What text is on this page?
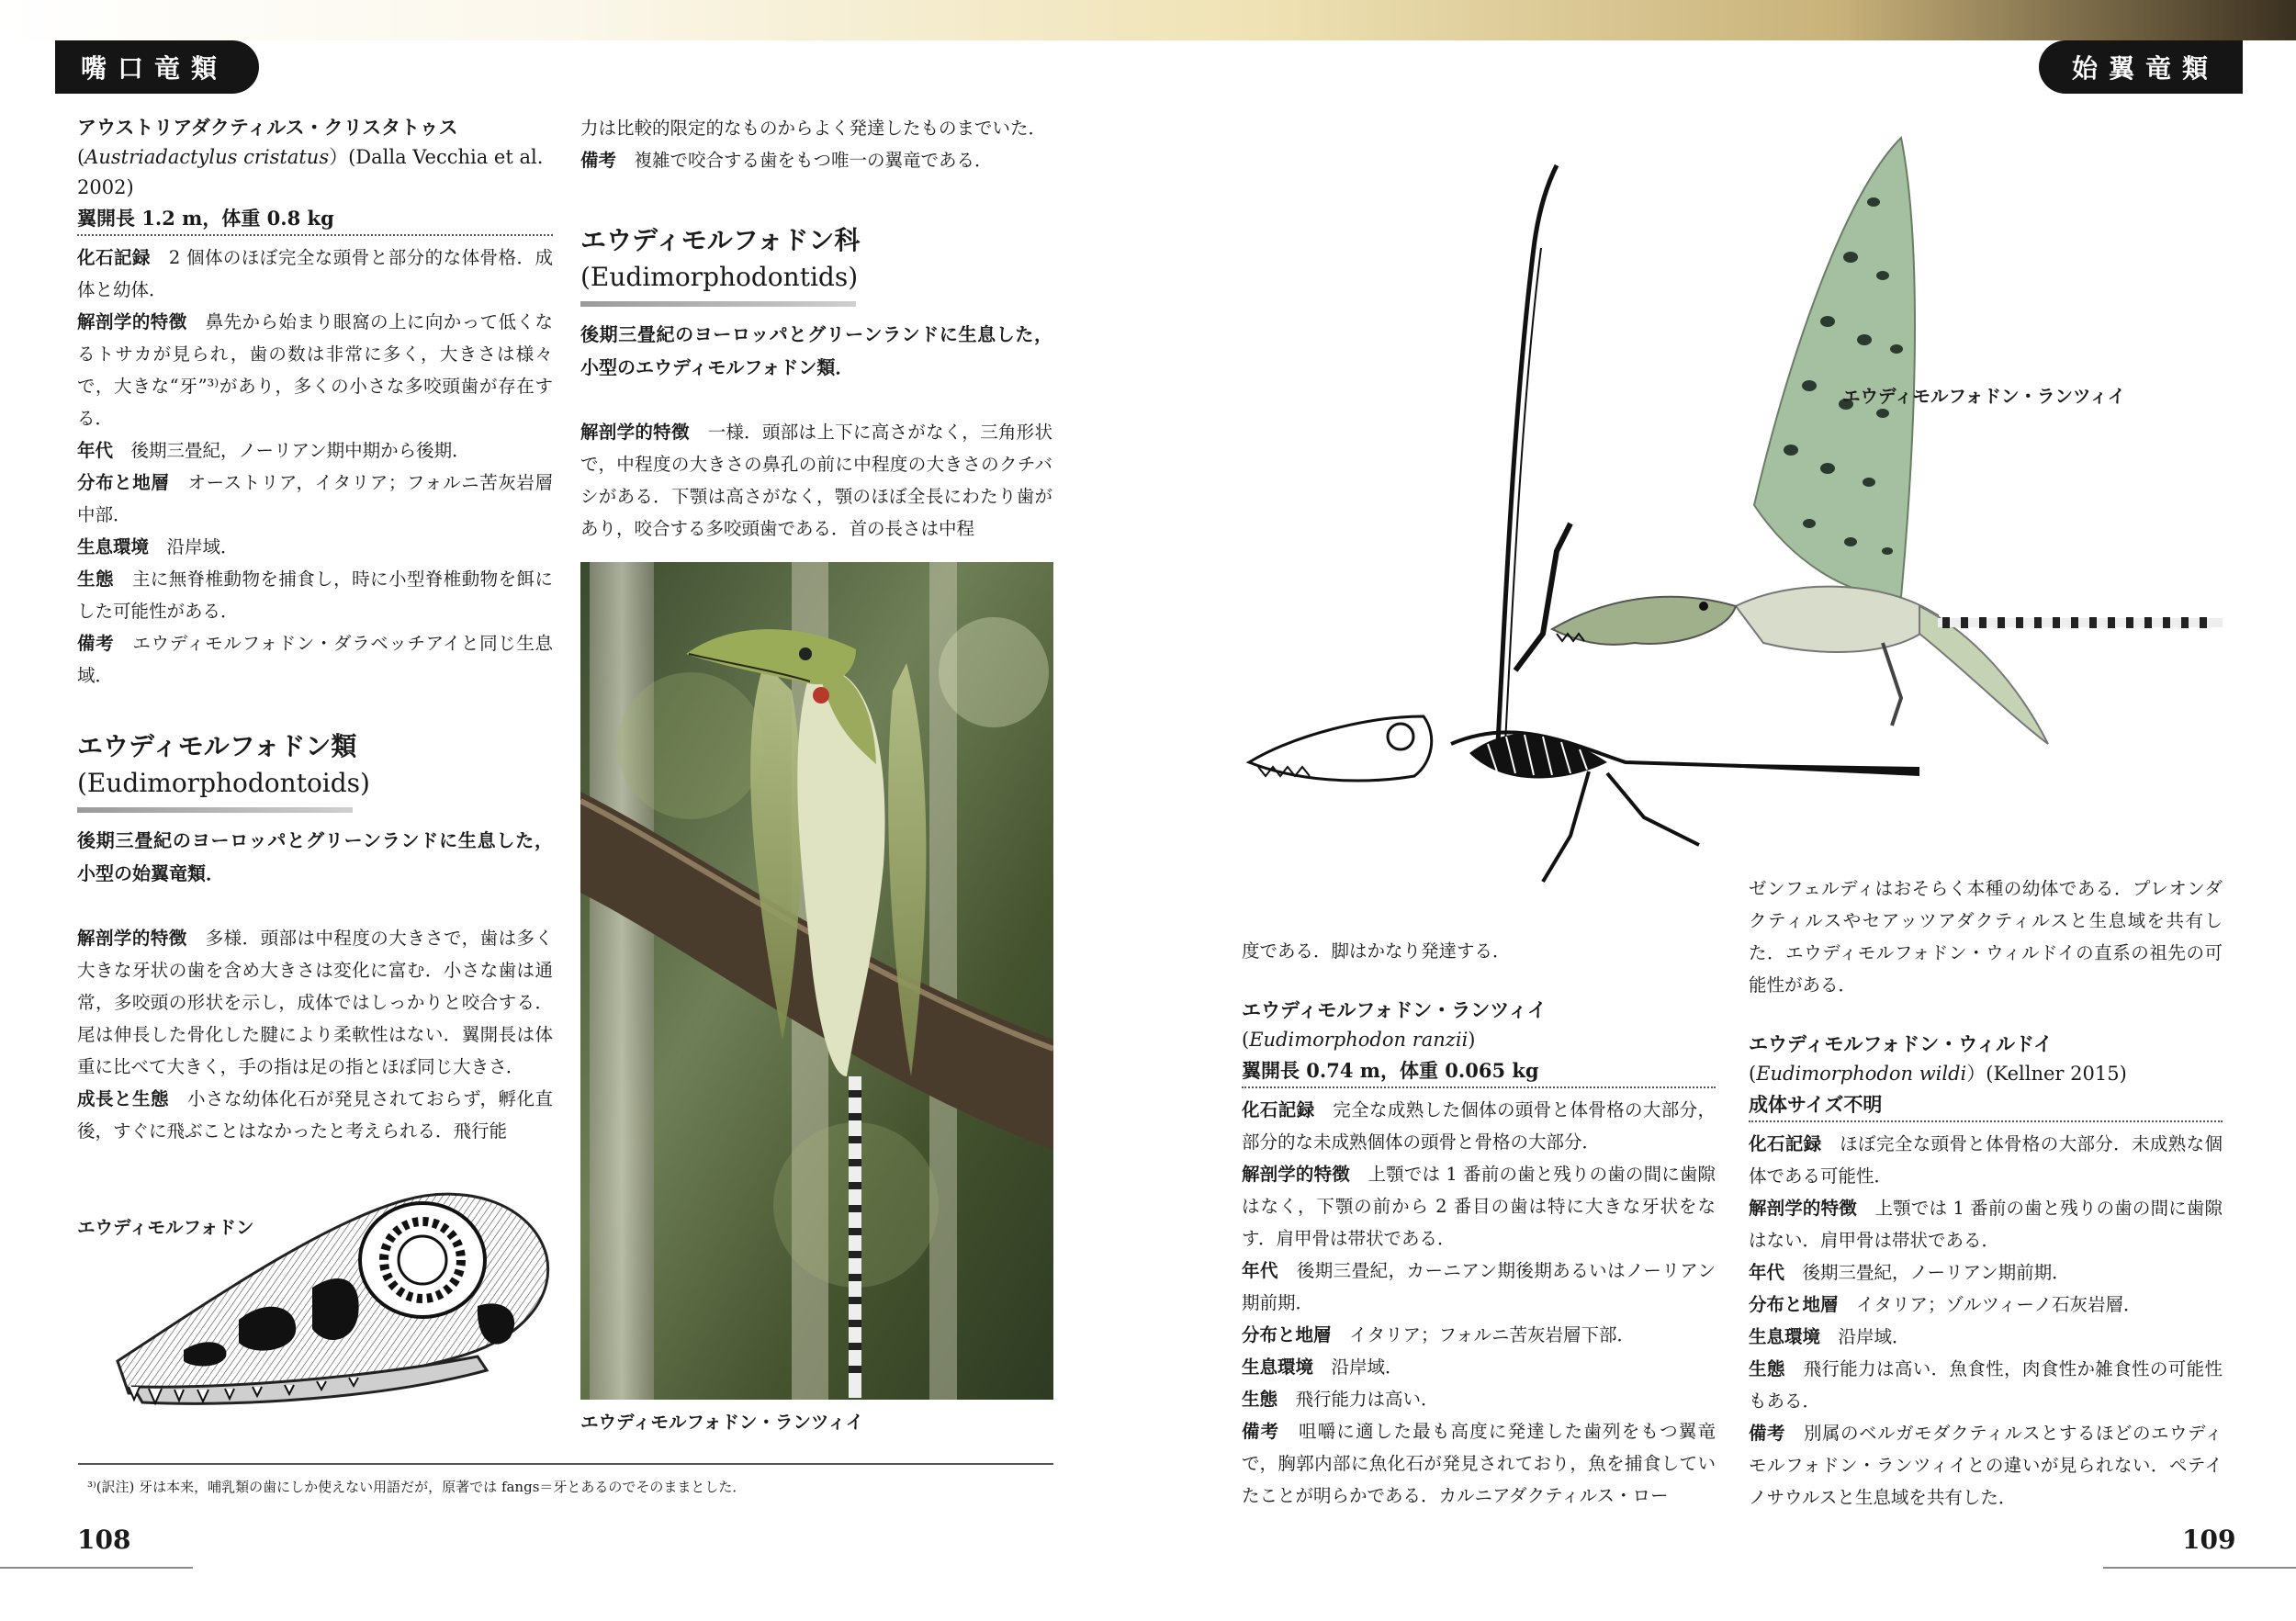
嘴口竜類	始翼竜類
アウストリアダクティルス・クリスタトゥス
(Austriadactylus cristatus）(Dalla Vecchia et al.
2002)
翼開長 1.2 m，体重 0.8 kg

化石記録　 2 個体のほぼ完全な頭骨と部分的な体骨格．成体と幼体．

解剖学的特徴　 鼻先から始まり眼窩の上に向かって低くなるトサカが見られ，歯の数は非常に多く，大きさは様々で，大きな“牙”³⁾があり，多くの小さな多咬頭歯が存在する．

年代　 後期三畳紀，ノーリアン期中期から後期．

分布と地層　 オーストリア，イタリア；フォルニ苦灰岩層中部．

生息環境　 沿岸域．

生態　 主に無脊椎動物を捕食し，時に小型脊椎動物を餌にした可能性がある．

備考　 エウディモルフォドン・ダラベッチアイと同じ生息域．

エウディモルフォドン類
(Eudimorphodontoids)

後期三畳紀のヨーロッパとグリーンランドに生息した，小型の始翼竜類．

解剖学的特徴　 多様．頭部は中程度の大きさで，歯は多く大きな牙状の歯を含め大きさは変化に富む．小さな歯は通常，多咬頭の形状を示し，成体ではしっかりと咬合する．尾は伸長した骨化した腱により柔軟性はない．翼開長は体重に比べて大きく，手の指は足の指とほぼ同じ大きさ．

成長と生態　 小さな幼体化石が発見されておらず，孵化直後，すぐに飛ぶことはなかったと考えられる．飛行能

エウディモルフォドン

力は比較的限定的なものからよく発達したものまでいた．

備考　 複雑で咬合する歯をもつ唯一の翼竜である．

エウディモルフォドン科
(Eudimorphodontids)

後期三畳紀のヨーロッパとグリーンランドに生息した，小型のエウディモルフォドン類．

解剖学的特徴　 一様．頭部は上下に高さがなく，三角形状で，中程度の大きさの鼻孔の前に中程度の大きさのクチバシがある．下顎は高さがなく，顎のほぼ全長にわたり歯があり，咬合する多咬頭歯である．首の長さは中程

エウディモルフォドン・ランツィイ
³⁾(訳注) 牙は本来，哺乳類の歯にしか使えない用語だが，原著では fangs＝牙とあるのでそのままとした．
108
エウディモルフォドン・ランツィイ

度である．脚はかなり発達する．

エウディモルフォドン・ランツィイ
(Eudimorphodon ranzii)
翼開長 0.74 m，体重 0.065 kg

化石記録　 完全な成熟した個体の頭骨と体骨格の大部分，部分的な未成熟個体の頭骨と骨格の大部分．

解剖学的特徴　 上顎では 1 番前の歯と残りの歯の間に歯隙はなく，下顎の前から 2 番目の歯は特に大きな牙状をなす．肩甲骨は帯状である．

年代　 後期三畳紀，カーニアン期後期あるいはノーリアン期前期．

分布と地層　 イタリア；フォルニ苦灰岩層下部．

生息環境　 沿岸域．

生態　 飛行能力は高い．

備考　 咀嚼に適した最も高度に発達した歯列をもつ翼竜で，胸郭内部に魚化石が発見されており，魚を捕食していたことが明らかである．カルニアダクティルス・ロー

ゼンフェルディはおそらく本種の幼体である．プレオンダクティルスやセアッツアダクティルスと生息域を共有した．エウディモルフォドン・ウィルドイの直系の祖先の可能性がある．

エウディモルフォドン・ウィルドイ
(Eudimorphodon wildi）(Kellner 2015)
成体サイズ不明

化石記録　 ほぼ完全な頭骨と体骨格の大部分．未成熟な個体である可能性．

解剖学的特徴　 上顎では 1 番前の歯と残りの歯の間に歯隙はない．肩甲骨は帯状である．

年代　 後期三畳紀，ノーリアン期前期．

分布と地層　 イタリア；ゾルツィーノ石灰岩層．

生息環境　 沿岸域．

生態　 飛行能力は高い．魚食性，肉食性か雑食性の可能性もある．

備考　 別属のベルガモダクティルスとするほどのエウディモルフォドン・ランツィイとの違いが見られない．ペテイノサウルスと生息域を共有した．

109
